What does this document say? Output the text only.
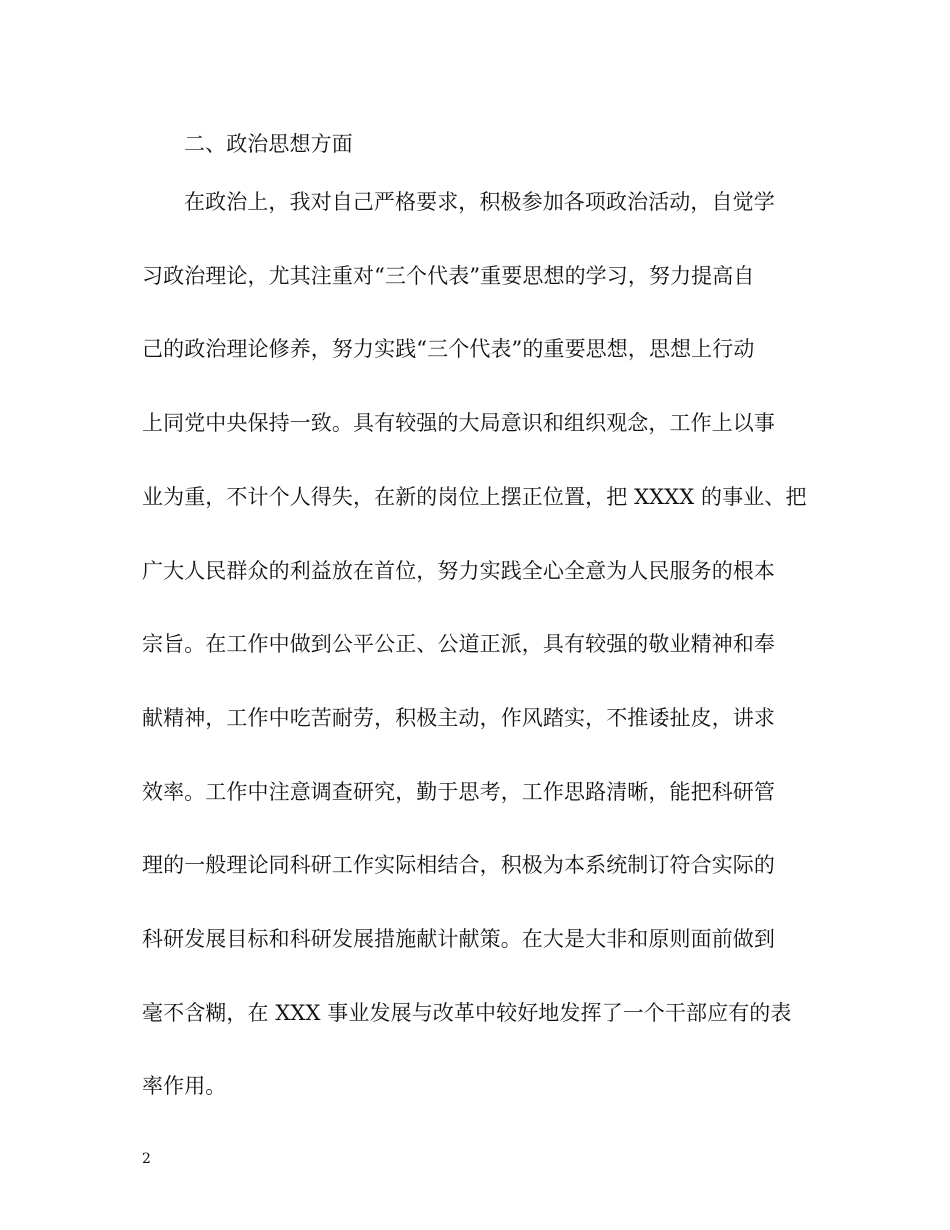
二、政治思想方面
在政治上，我对自己严格要求，积极参加各项政治活动，自觉学
习政治理论，尤其注重对“三个代表”重要思想的学习，努力提高自
己的政治理论修养，努力实践“三个代表”的重要思想，思想上行动
上同党中央保持一致。具有较强的大局意识和组织观念，工作上以事
业为重，不计个人得失，在新的岗位上摆正位置，把 XXXX 的事业、把
广大人民群众的利益放在首位，努力实践全心全意为人民服务的根本
宗旨。在工作中做到公平公正、公道正派，具有较强的敬业精神和奉
献精神，工作中吃苦耐劳，积极主动，作风踏实，不推诿扯皮，讲求
效率。工作中注意调查研究，勤于思考，工作思路清晰，能把科研管
理的一般理论同科研工作实际相结合，积极为本系统制订符合实际的
科研发展目标和科研发展措施献计献策。在大是大非和原则面前做到
毫不含糊，在 XXX 事业发展与改革中较好地发挥了一个干部应有的表
率作用。
2
